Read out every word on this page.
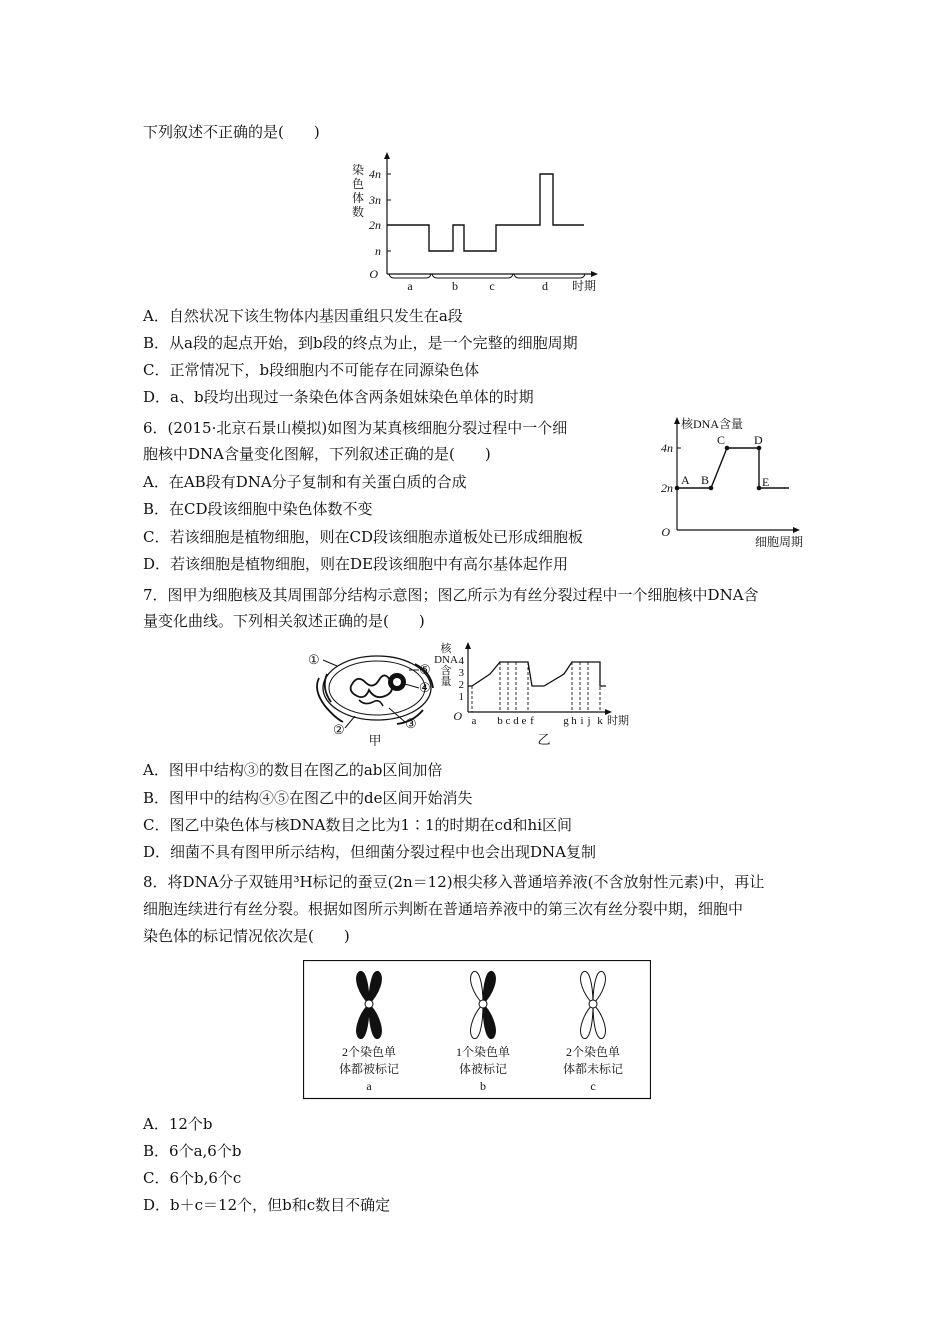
下列叙述不正确的是(　　)
染
色
体
数
4n
3n
2n
n
O
a	b	c	d 时期
A．自然状况下该生物体内基因重组只发生在a段
B．从a段的起点开始，到b段的终点为止，是一个完整的细胞周期
C．正常情况下，b段细胞内不可能存在同源染色体
D．a、b段均出现过一条染色体含两条姐妹染色单体的时期
6．(2015·北京石景山模拟)如图为某真核细胞分裂过程中一个细
胞核中DNA含量变化图解，下列叙述正确的是(　　)
A．在AB段有DNA分子复制和有关蛋白质的合成
B．在CD段该细胞中染色体数不变
C．若该细胞是植物细胞，则在CD段该细胞赤道板处已形成细胞板
D．若该细胞是植物细胞，则在DE段该细胞中有高尔基体起作用
核DNA含量
4n
2n
O
A B
C D
E
细胞周期
7．图甲为细胞核及其周围部分结构示意图；图乙所示为有丝分裂过程中一个细胞核中DNA含
量变化曲线。下列相关叙述正确的是(　　)
①
②	③
④
⑤
甲
核
DNA
含
量
4
3
2
1
O a b c d e f	g h i j k 时期
乙
A．图甲中结构③的数目在图乙的ab区间加倍
B．图甲中的结构④⑤在图乙中的de区间开始消失
C．图乙中染色体与核DNA数目之比为1∶1的时期在cd和hi区间
D．细菌不具有图甲所示结构，但细菌分裂过程中也会出现DNA复制
8．将DNA分子双链用³H标记的蚕豆(2n＝12)根尖移入普通培养液(不含放射性元素)中，再让
细胞连续进行有丝分裂。根据如图所示判断在普通培养液中的第三次有丝分裂中期，细胞中
染色体的标记情况依次是(　　)
2个染色单
体都被标记
a
1个染色单
体被标记
b
2个染色单
体都未标记
c
A．12个b
B．6个a,6个b
C．6个b,6个c
D．b＋c＝12个，但b和c数目不确定
